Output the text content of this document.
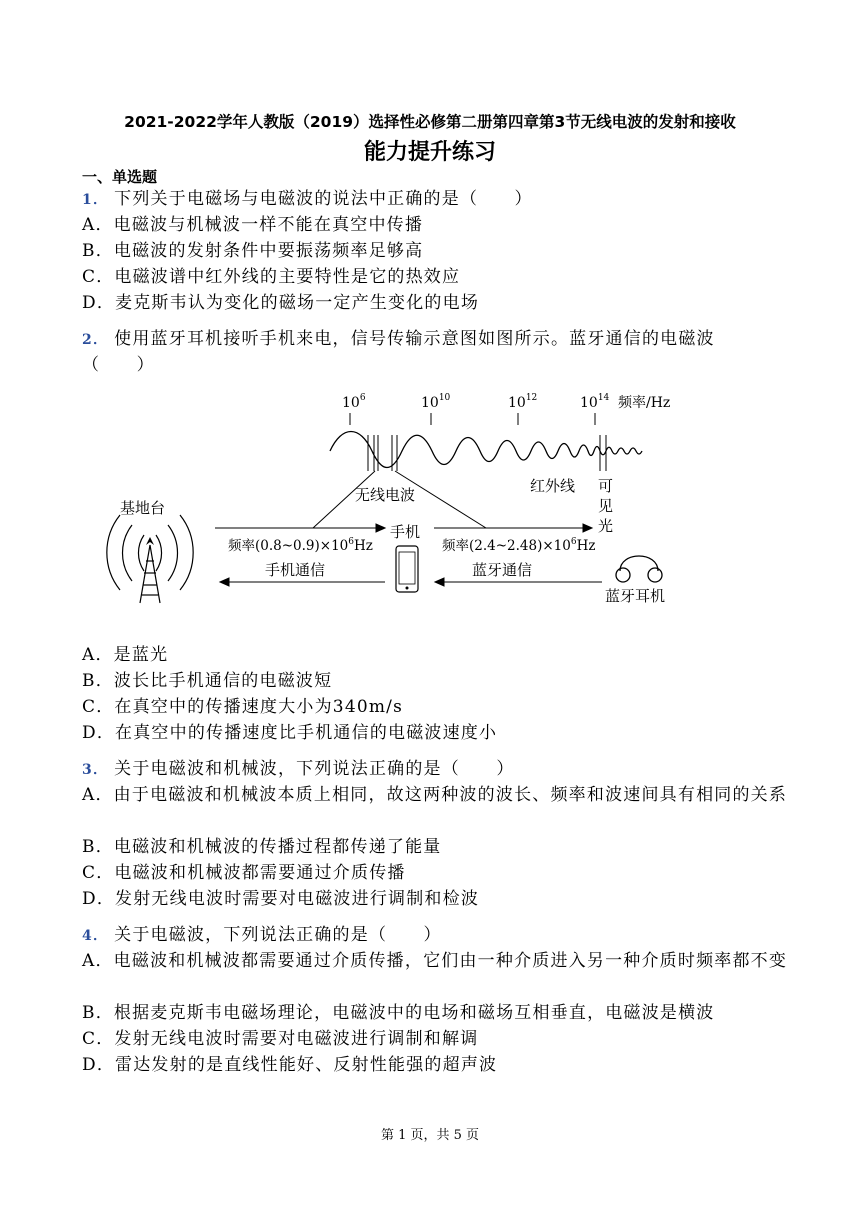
2021-2022学年人教版（2019）选择性必修第二册第四章第3节无线电波的发射和接收
能力提升练习
一、单选题
1． 下列关于电磁场与电磁波的说法中正确的是（　　）
A．电磁波与机械波一样不能在真空中传播
B．电磁波的发射条件中要振荡频率足够高
C．电磁波谱中红外线的主要特性是它的热效应
D．麦克斯韦认为变化的磁场一定产生变化的电场
2． 使用蓝牙耳机接听手机来电，信号传输示意图如图所示。蓝牙通信的电磁波
（　　）
$10^6$	$10^{10}$	$10^{12}$	$10^{14}$ 频率/Hz
无线电波	红外线 可
见
光
基地台
频率$(0.8\sim 0.9)\times 10^6Hz$
手机通信
手机
频率$(2.4\sim 2.48)\times 10^6Hz$
蓝牙通信
蓝牙耳机
A．是蓝光
B．波长比手机通信的电磁波短
C．在真空中的传播速度大小为340m/s
D．在真空中的传播速度比手机通信的电磁波速度小
3． 关于电磁波和机械波，下列说法正确的是（　　）
A．由于电磁波和机械波本质上相同，故这两种波的波长、频率和波速间具有相同的关系
B．电磁波和机械波的传播过程都传递了能量
C．电磁波和机械波都需要通过介质传播
D．发射无线电波时需要对电磁波进行调制和检波
4． 关于电磁波，下列说法正确的是（　　）
A．电磁波和机械波都需要通过介质传播，它们由一种介质进入另一种介质时频率都不变
B．根据麦克斯韦电磁场理论，电磁波中的电场和磁场互相垂直，电磁波是横波
C．发射无线电波时需要对电磁波进行调制和解调
D．雷达发射的是直线性能好、反射性能强的超声波
第 1 页，共 5 页
